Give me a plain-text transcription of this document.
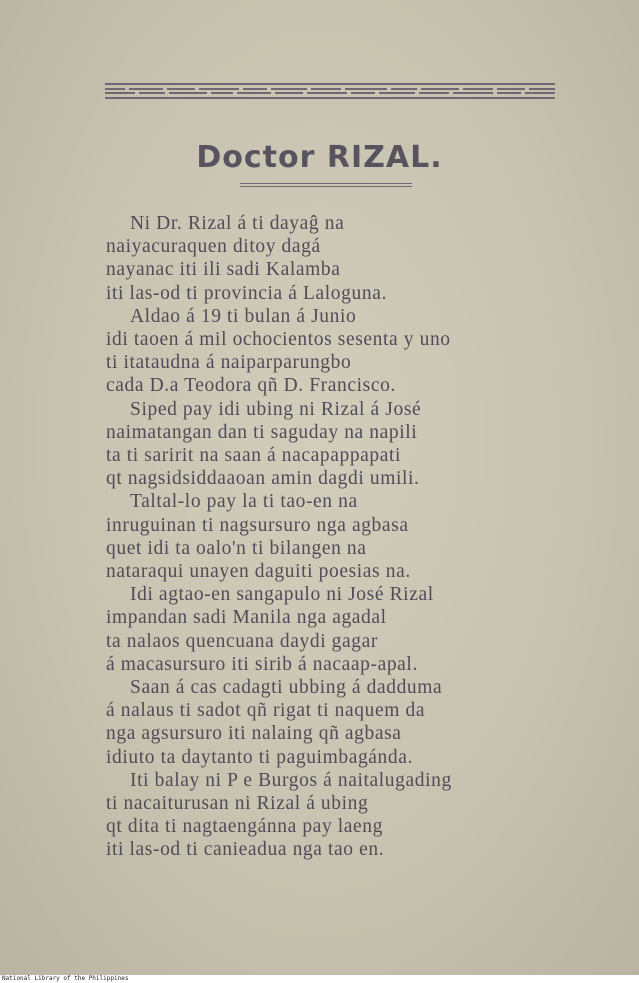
Doctor RIZAL.
Ni Dr. Rizal á ti dayaĝ na
naiyacuraquen ditoy dagá
nayanac iti ili sadi Kalamba
iti las-od ti provincia á Laloguna.
Aldao á 19 ti bulan á Junio
idi taoen á mil ochocientos sesenta y uno
ti itataudna á naiparparungbo
cada D.a Teodora qñ D. Francisco.
Siped pay idi ubing ni Rizal á José
naimatangan dan ti saguday na napili
ta ti saririt na saan á nacapappapati
qt nagsidsiddaaoan amin dagdi umili.
Taltal-lo pay la ti tao-en na
inruguinan ti nagsursuro nga agbasa
quet idi ta oalo'n ti bilangen na
nataraqui unayen daguiti poesias na.
Idi agtao-en sangapulo ni José Rizal
impandan sadi Manila nga agadal
ta nalaos quencuana daydi gagar
á macasursuro iti sirib á nacaap-apal.
Saan á cas cadagti ubbing á dadduma
á nalaus ti sadot qñ rigat ti naquem da
nga agsursuro iti nalaing qñ agbasa
idiuto ta daytanto ti paguimbagánda.
Iti balay ni P e Burgos á naitalugading
ti nacaiturusan ni Rizal á ubing
qt dita ti nagtaengánna pay laeng
iti las-od ti canieadua nga tao en.
National Library of the Philippines
